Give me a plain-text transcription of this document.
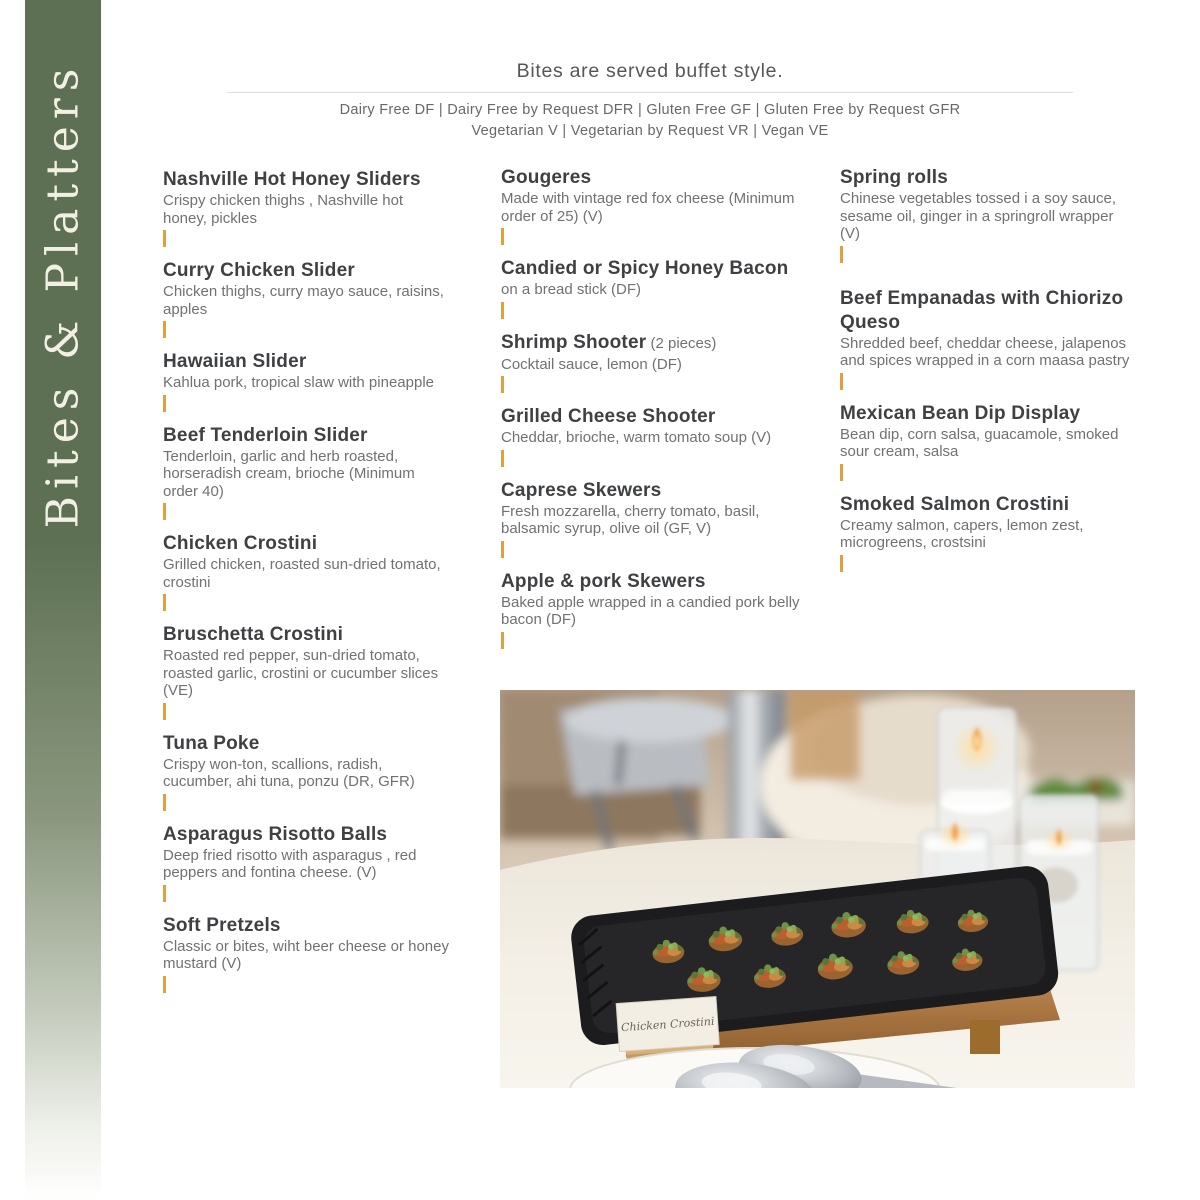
Bites & Platters	Bites are served buffet style.
Dairy Free DF | Dairy Free by Request DFR | Gluten Free GF | Gluten Free by Request GFR
Vegetarian V | Vegetarian by Request VR | Vegan VE
Nashville Hot Honey Sliders
Crispy chicken thighs , Nashville hot honey, pickles
Curry Chicken Slider
Chicken thighs, curry mayo sauce, raisins, apples
Hawaiian Slider
Kahlua pork, tropical slaw with pineapple
Beef Tenderloin Slider
Tenderloin, garlic and herb roasted, horseradish cream, brioche (Minimum order 40)
Chicken Crostini
Grilled chicken, roasted sun-dried tomato, crostini
Bruschetta Crostini
Roasted red pepper, sun-dried tomato, roasted garlic, crostini or cucumber slices (VE)
Tuna Poke
Crispy won-ton, scallions, radish, cucumber, ahi tuna, ponzu (DR, GFR)
Asparagus Risotto Balls
Deep fried risotto with asparagus , red peppers and fontina cheese. (V)
Soft Pretzels
Classic or bites, wiht beer cheese or honey mustard (V)
Gougeres
Made with vintage red fox cheese (Minimum order of 25) (V)
Candied or Spicy Honey Bacon
on a bread stick (DF)
Shrimp Shooter (2 pieces)
Cocktail sauce, lemon (DF)
Grilled Cheese Shooter
Cheddar, brioche, warm tomato soup (V)
Caprese Skewers
Fresh mozzarella, cherry tomato, basil, balsamic syrup, olive oil (GF, V)
Apple & pork Skewers
Baked apple wrapped in a candied pork belly bacon (DF)
Spring rolls
Chinese vegetables tossed i a soy sauce, sesame oil, ginger in a springroll wrapper (V)
Beef Empanadas with Chiorizo Queso
Shredded beef, cheddar cheese, jalapenos and spices wrapped in a corn maasa pastry
Mexican Bean Dip Display
Bean dip, corn salsa, guacamole, smoked sour cream, salsa
Smoked Salmon Crostini
Creamy salmon, capers, lemon zest, microgreens, crostsini
Chicken Crostini
